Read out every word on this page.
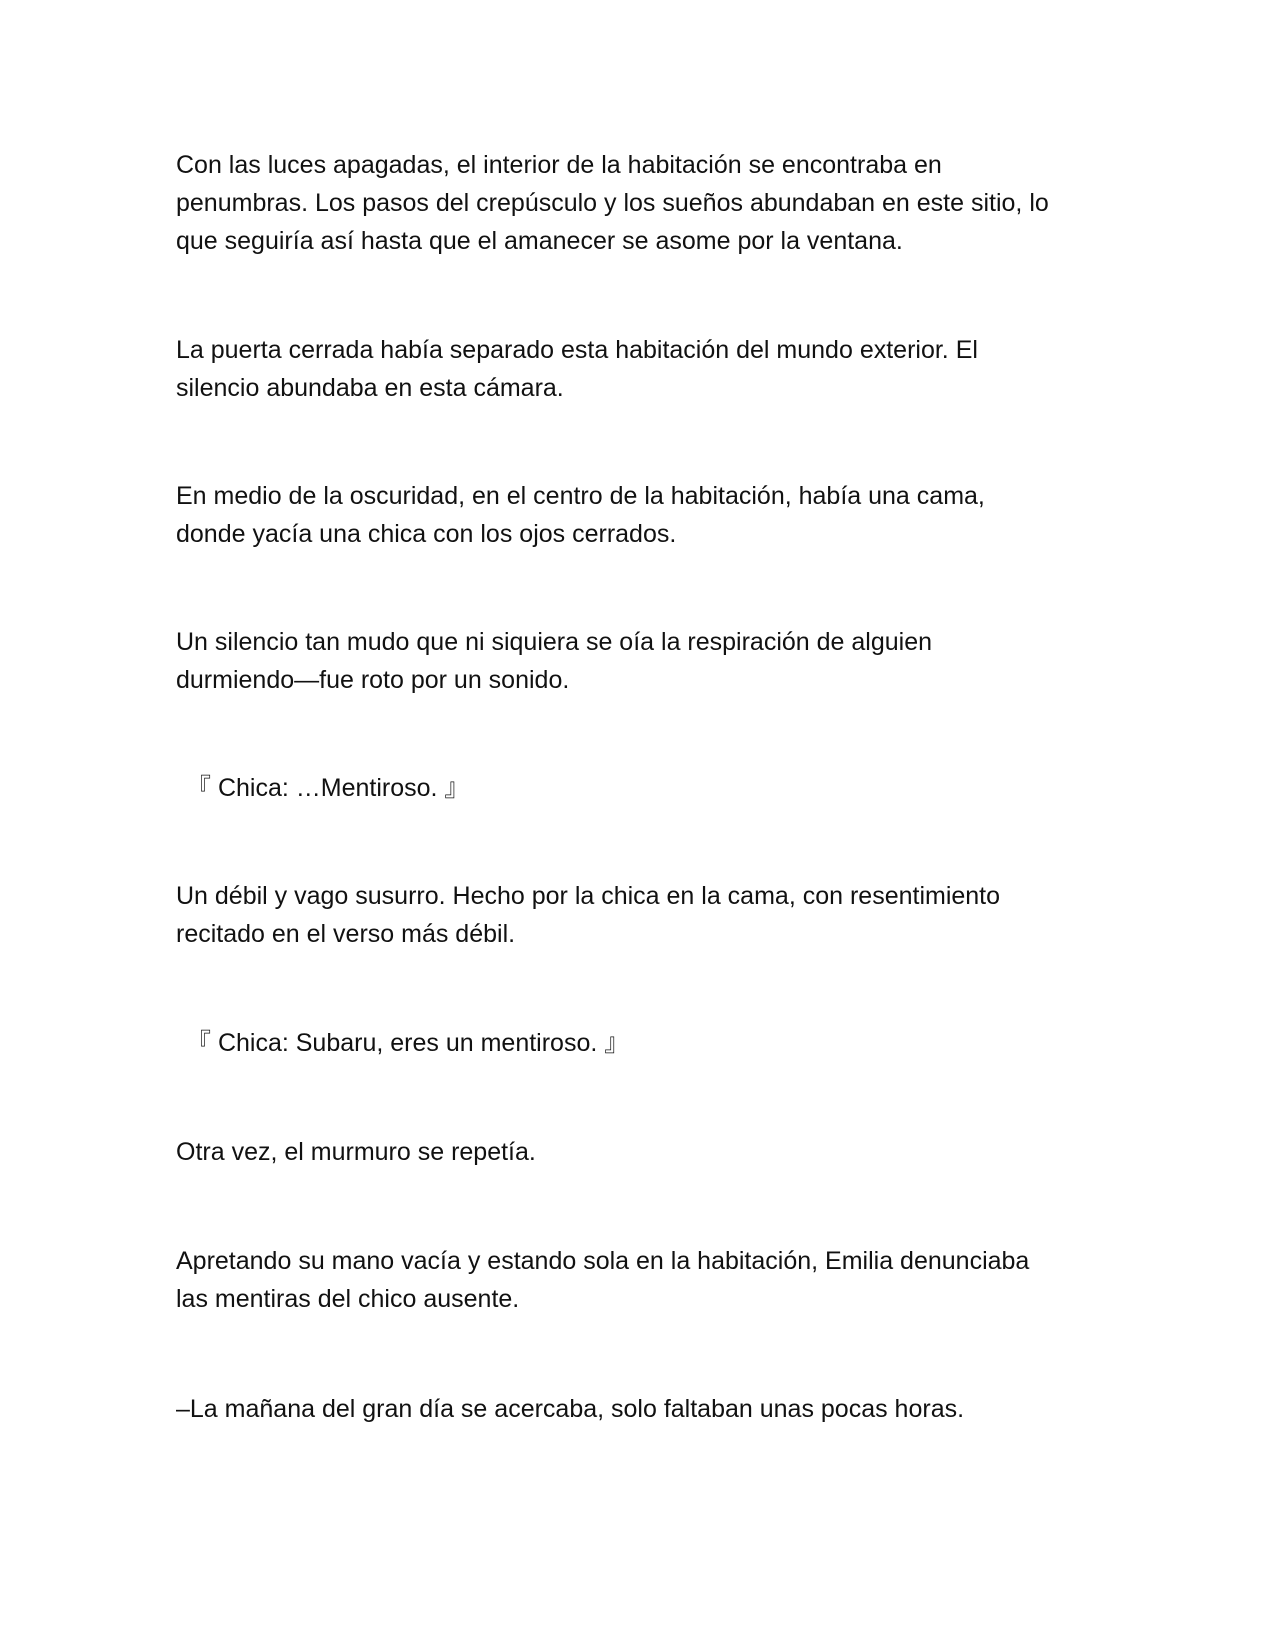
Con las luces apagadas, el interior de la habitación se encontraba en
penumbras. Los pasos del crepúsculo y los sueños abundaban en este sitio, lo
que seguiría así hasta que el amanecer se asome por la ventana.

La puerta cerrada había separado esta habitación del mundo exterior. El
silencio abundaba en esta cámara.

En medio de la oscuridad, en el centro de la habitación, había una cama,
donde yacía una chica con los ojos cerrados.

Un silencio tan mudo que ni siquiera se oía la respiración de alguien
durmiendo—fue roto por un sonido.

『 Chica: …Mentiroso. 』

Un débil y vago susurro. Hecho por la chica en la cama, con resentimiento
recitado en el verso más débil.

『 Chica: Subaru, eres un mentiroso. 』

Otra vez, el murmuro se repetía.

Apretando su mano vacía y estando sola en la habitación, Emilia denunciaba
las mentiras del chico ausente.

–La mañana del gran día se acercaba, solo faltaban unas pocas horas.
